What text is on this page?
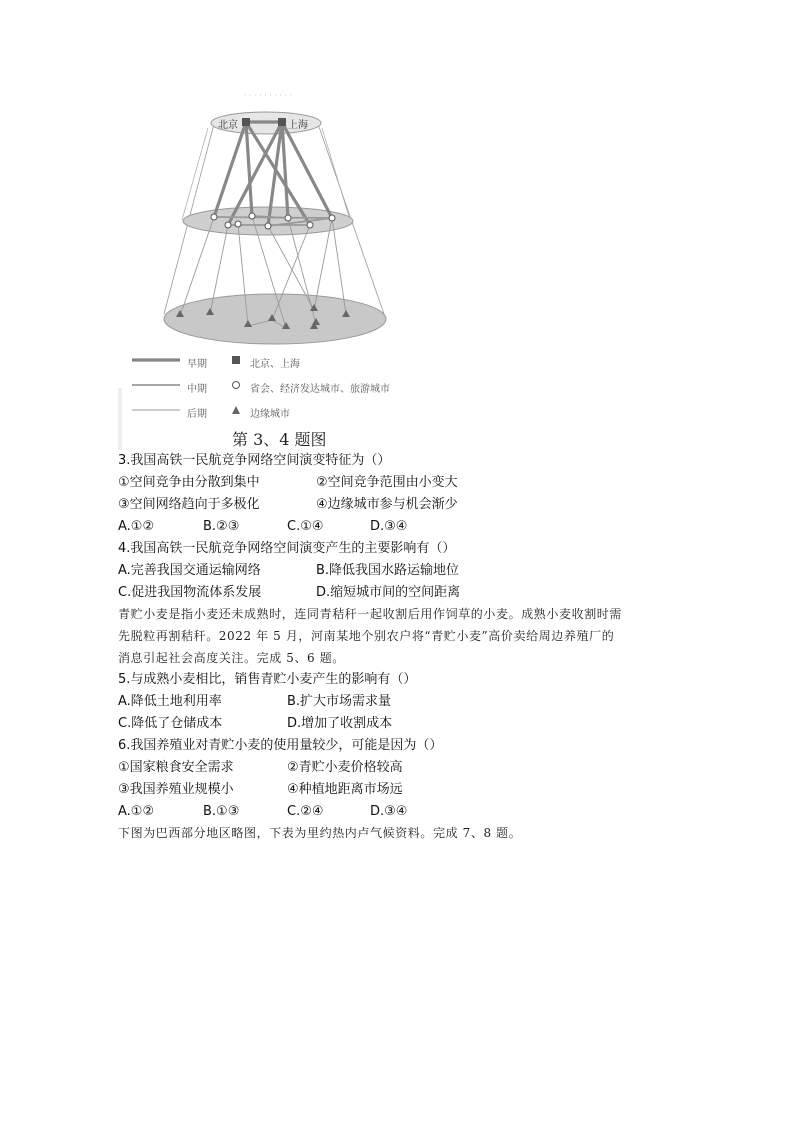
· · · · · · · · · ·
北京	上海
早期
中期
后期
北京、上海
省会、经济发达城市、旅游城市
边缘城市
第 3、4 题图
3.我国高铁一民航竞争网络空间演变特征为（）
①空间竞争由分散到集中	②空间竞争范围由小变大
③空间网络趋向于多极化	④边缘城市参与机会渐少
A.①②	B.②③	C.①④	D.③④
4.我国高铁一民航竞争网络空间演变产生的主要影响有（）
A.完善我国交通运输网络	B.降低我国水路运输地位
C.促进我国物流体系发展	D.缩短城市间的空间距离
青贮小麦是指小麦还未成熟时，连同青秸秆一起收割后用作饲草的小麦。成熟小麦收割时需
先脱粒再割秸秆。2022 年 5 月，河南某地个别农户将“青贮小麦”高价卖给周边养殖厂的
消息引起社会高度关注。完成 5、6 题。
5.与成熟小麦相比，销售青贮小麦产生的影响有（）
A.降低土地利用率	B.扩大市场需求量
C.降低了仓储成本	D.增加了收割成本
6.我国养殖业对青贮小麦的使用量较少，可能是因为（）
①国家粮食安全需求	②青贮小麦价格较高
③我国养殖业规模小	④种植地距离市场远
A.①②	B.①③	C.②④	D.③④
下图为巴西部分地区略图，下表为里约热内卢气候资料。完成 7、8 题。
